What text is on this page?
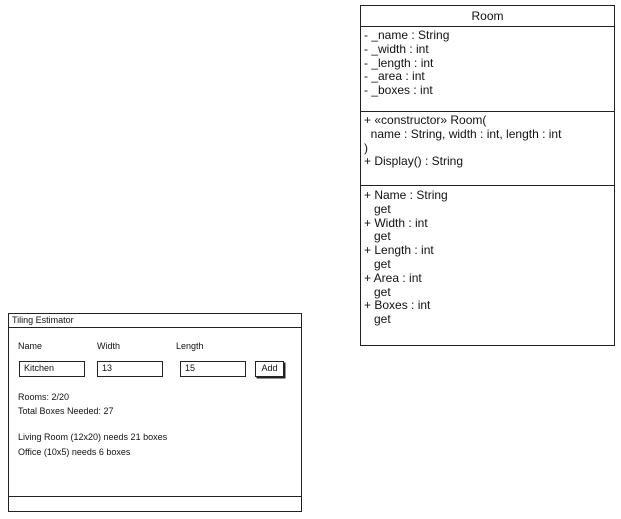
Room
- _name : String
- _width : int
- _length : int
- _area : int
- _boxes : int
+ «constructor» Room(
name : String, width : int, length : int
)
+ Display() : String
+ Name : String
get
+ Width : int
get
+ Length : int
get
+ Area : int
get
+ Boxes : int
get
Tiling Estimator
Name	Width	Length
Kitchen	13	15	Add
Rooms: 2/20
Total Boxes Needed: 27
Living Room (12x20) needs 21 boxes
Office (10x5) needs 6 boxes
